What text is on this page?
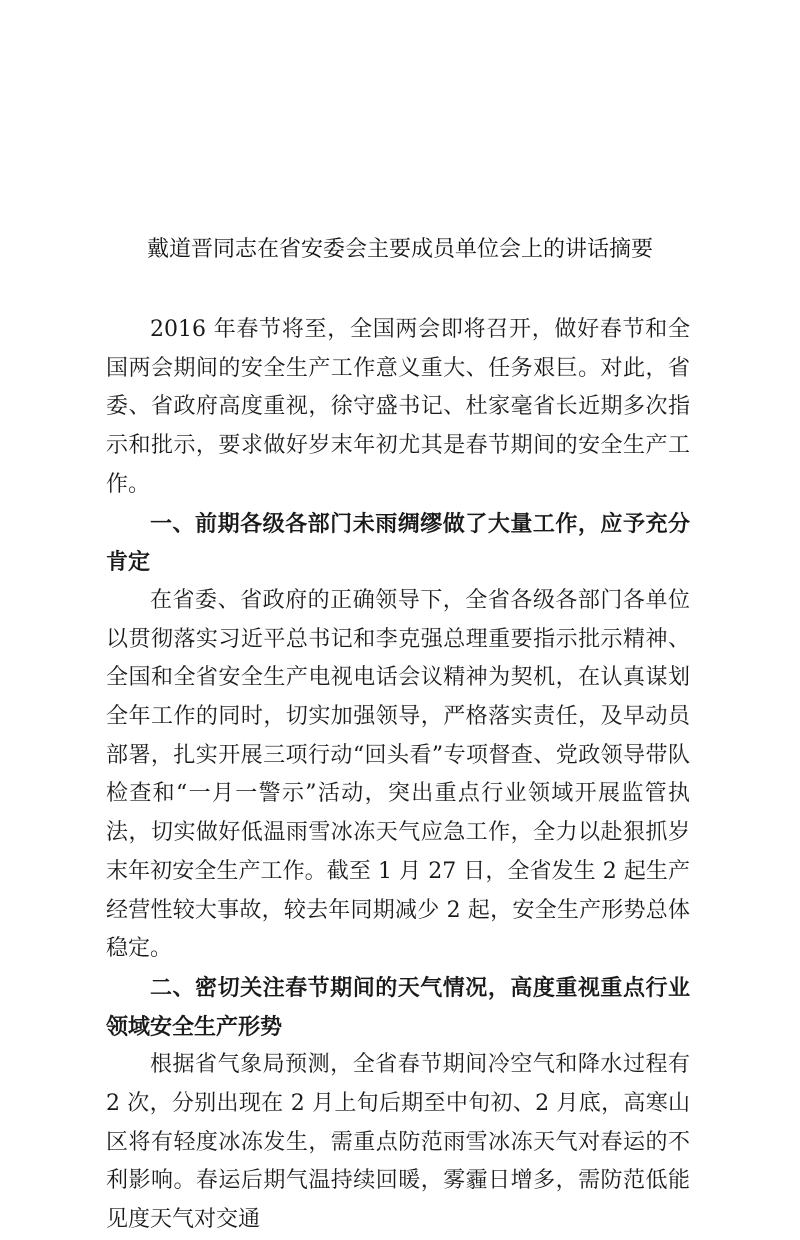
戴道晋同志在省安委会主要成员单位会上的讲话摘要

2016 年春节将至，全国两会即将召开，做好春节和全国两会期间的安全生产工作意义重大、任务艰巨。对此，省委、省政府高度重视，徐守盛书记、杜家毫省长近期多次指示和批示，要求做好岁末年初尤其是春节期间的安全生产工作。

一、前期各级各部门未雨绸缪做了大量工作，应予充分肯定

在省委、省政府的正确领导下，全省各级各部门各单位以贯彻落实习近平总书记和李克强总理重要指示批示精神、全国和全省安全生产电视电话会议精神为契机，在认真谋划全年工作的同时，切实加强领导，严格落实责任，及早动员部署，扎实开展三项行动“回头看”专项督查、党政领导带队检查和“一月一警示”活动，突出重点行业领域开展监管执法，切实做好低温雨雪冰冻天气应急工作，全力以赴狠抓岁末年初安全生产工作。截至 1 月 27 日，全省发生 2 起生产经营性较大事故，较去年同期减少 2 起，安全生产形势总体稳定。

二、密切关注春节期间的天气情况，高度重视重点行业领域安全生产形势

根据省气象局预测，全省春节期间冷空气和降水过程有 2 次，分别出现在 2 月上旬后期至中旬初、2 月底，高寒山区将有轻度冰冻发生，需重点防范雨雪冰冻天气对春运的不利影响。春运后期气温持续回暖，雾霾日增多，需防范低能见度天气对交通
